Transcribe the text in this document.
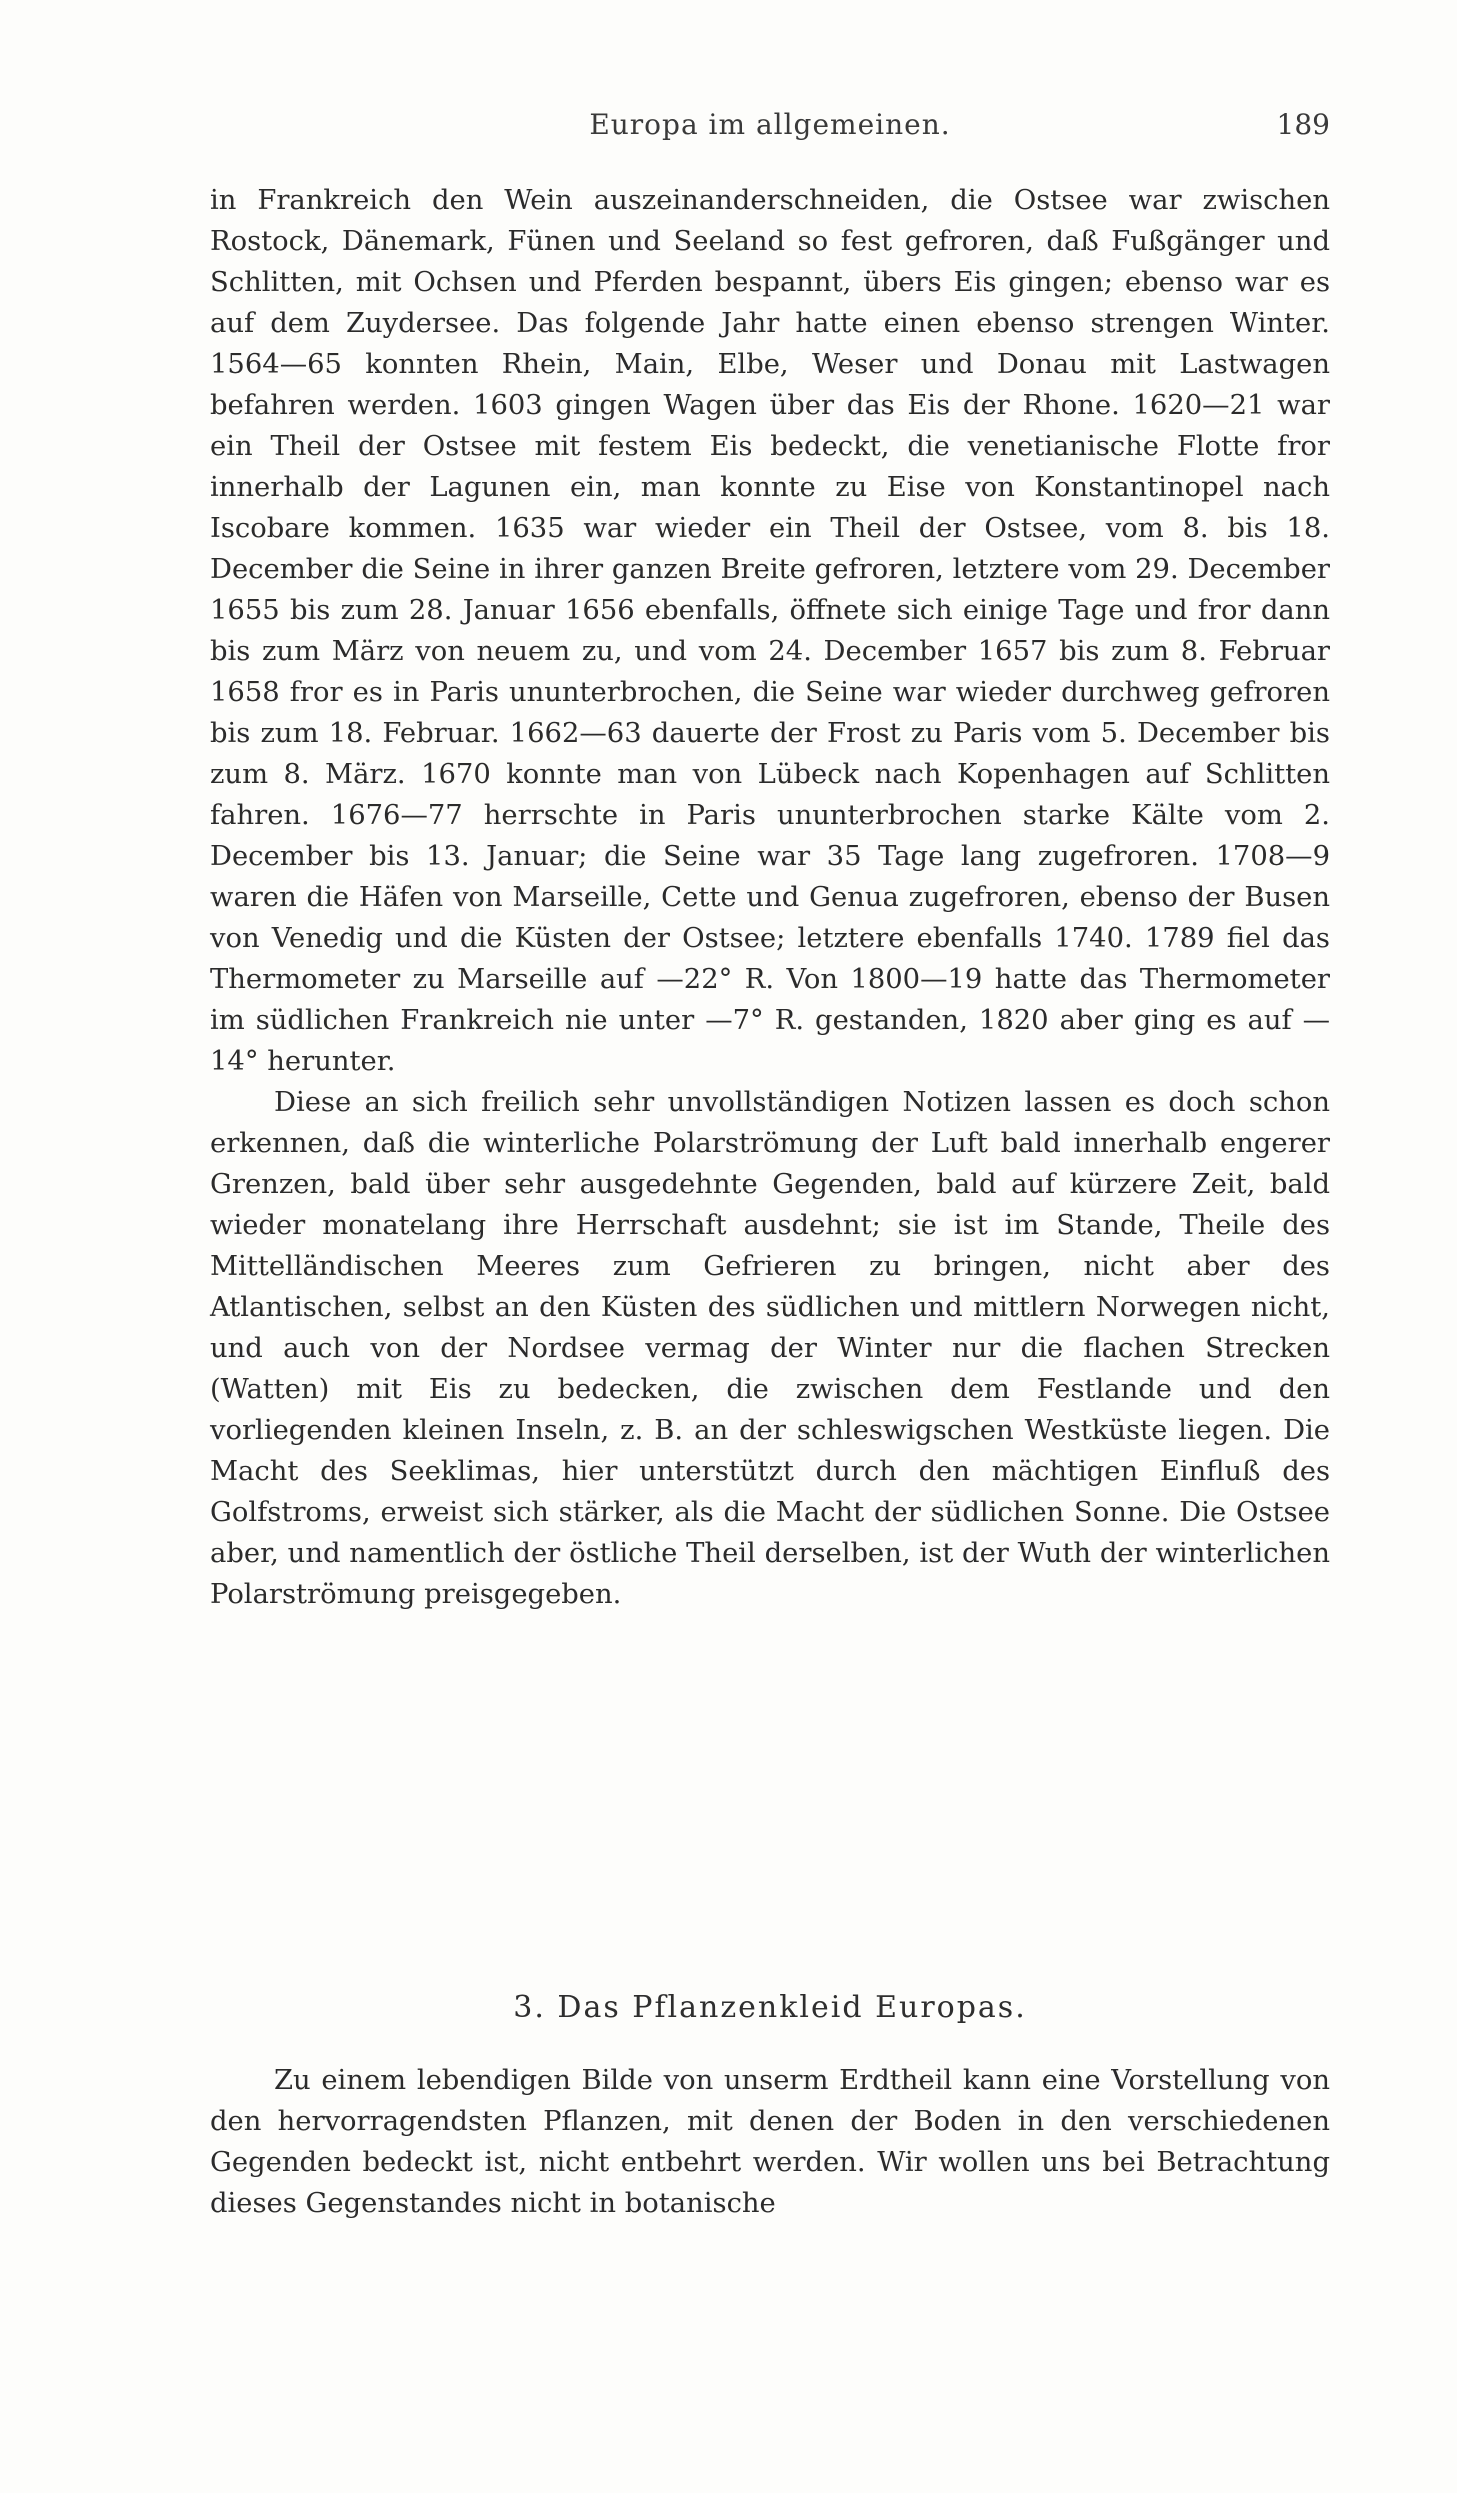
Europa im allgemeinen.	189

in Frankreich den Wein auszeinanderschneiden, die Ostsee war zwischen Rostock, Dänemark, Fünen und Seeland so fest gefroren, daß Fußgänger und Schlitten, mit Ochsen und Pferden bespannt, übers Eis gingen; ebenso war es auf dem Zuydersee. Das folgende Jahr hatte einen ebenso strengen Winter. 1564—65 konnten Rhein, Main, Elbe, Weser und Donau mit Lastwagen befahren werden. 1603 gingen Wagen über das Eis der Rhone. 1620—21 war ein Theil der Ostsee mit festem Eis bedeckt, die venetianische Flotte fror innerhalb der Lagunen ein, man konnte zu Eise von Konstantinopel nach Iscobare kommen. 1635 war wieder ein Theil der Ostsee, vom 8. bis 18. December die Seine in ihrer ganzen Breite gefroren, letztere vom 29. December 1655 bis zum 28. Januar 1656 ebenfalls, öffnete sich einige Tage und fror dann bis zum März von neuem zu, und vom 24. December 1657 bis zum 8. Februar 1658 fror es in Paris ununterbrochen, die Seine war wieder durchweg gefroren bis zum 18. Februar. 1662—63 dauerte der Frost zu Paris vom 5. December bis zum 8. März. 1670 konnte man von Lübeck nach Kopenhagen auf Schlitten fahren. 1676—77 herrschte in Paris ununterbrochen starke Kälte vom 2. December bis 13. Januar; die Seine war 35 Tage lang zugefroren. 1708—9 waren die Häfen von Marseille, Cette und Genua zugefroren, ebenso der Busen von Venedig und die Küsten der Ostsee; letztere ebenfalls 1740. 1789 fiel das Thermometer zu Marseille auf —22° R. Von 1800—19 hatte das Thermometer im südlichen Frankreich nie unter —7° R. gestanden, 1820 aber ging es auf —14° herunter.

Diese an sich freilich sehr unvollständigen Notizen lassen es doch schon erkennen, daß die winterliche Polarströmung der Luft bald innerhalb engerer Grenzen, bald über sehr ausgedehnte Gegenden, bald auf kürzere Zeit, bald wieder monatelang ihre Herrschaft ausdehnt; sie ist im Stande, Theile des Mittelländischen Meeres zum Gefrieren zu bringen, nicht aber des Atlantischen, selbst an den Küsten des südlichen und mittlern Norwegen nicht, und auch von der Nordsee vermag der Winter nur die flachen Strecken (Watten) mit Eis zu bedecken, die zwischen dem Festlande und den vorliegenden kleinen Inseln, z. B. an der schleswigschen Westküste liegen. Die Macht des Seeklimas, hier unterstützt durch den mächtigen Einfluß des Golfstroms, erweist sich stärker, als die Macht der südlichen Sonne. Die Ostsee aber, und namentlich der östliche Theil derselben, ist der Wuth der winterlichen Polarströmung preisgegeben.

3. Das Pflanzenkleid Europas.

Zu einem lebendigen Bilde von unserm Erdtheil kann eine Vorstellung von den hervorragendsten Pflanzen, mit denen der Boden in den verschiedenen Gegenden bedeckt ist, nicht entbehrt werden. Wir wollen uns bei Betrachtung dieses Gegenstandes nicht in botanische
